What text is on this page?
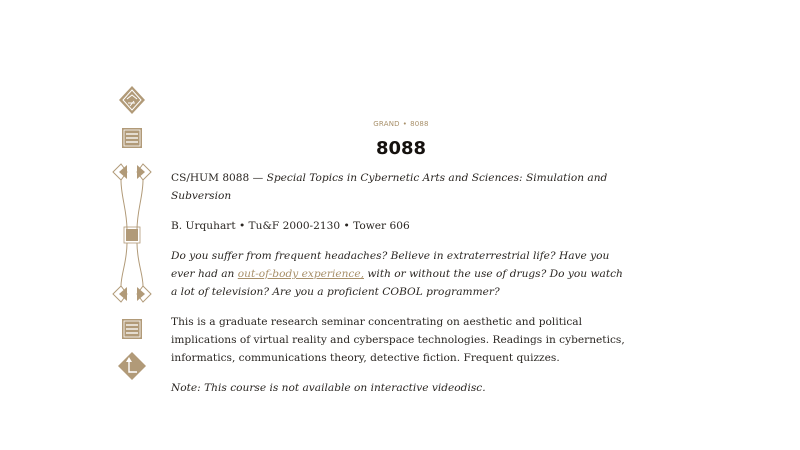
GRAND • 8088
8088

CS/HUM 8088 — Special Topics in Cybernetic Arts and Sciences: Simulation and Subversion

B. Urquhart • Tu&F 2000-2130 • Tower 606

Do you suffer from frequent headaches? Believe in extraterrestrial life? Have you ever had an out-of-body experience, with or without the use of drugs? Do you watch a lot of television? Are you a proficient COBOL programmer?

This is a graduate research seminar concentrating on aesthetic and political implications of virtual reality and cyberspace technologies. Readings in cybernetics, informatics, communications theory, detective fiction. Frequent quizzes.

Note: This course is not available on interactive videodisc.
